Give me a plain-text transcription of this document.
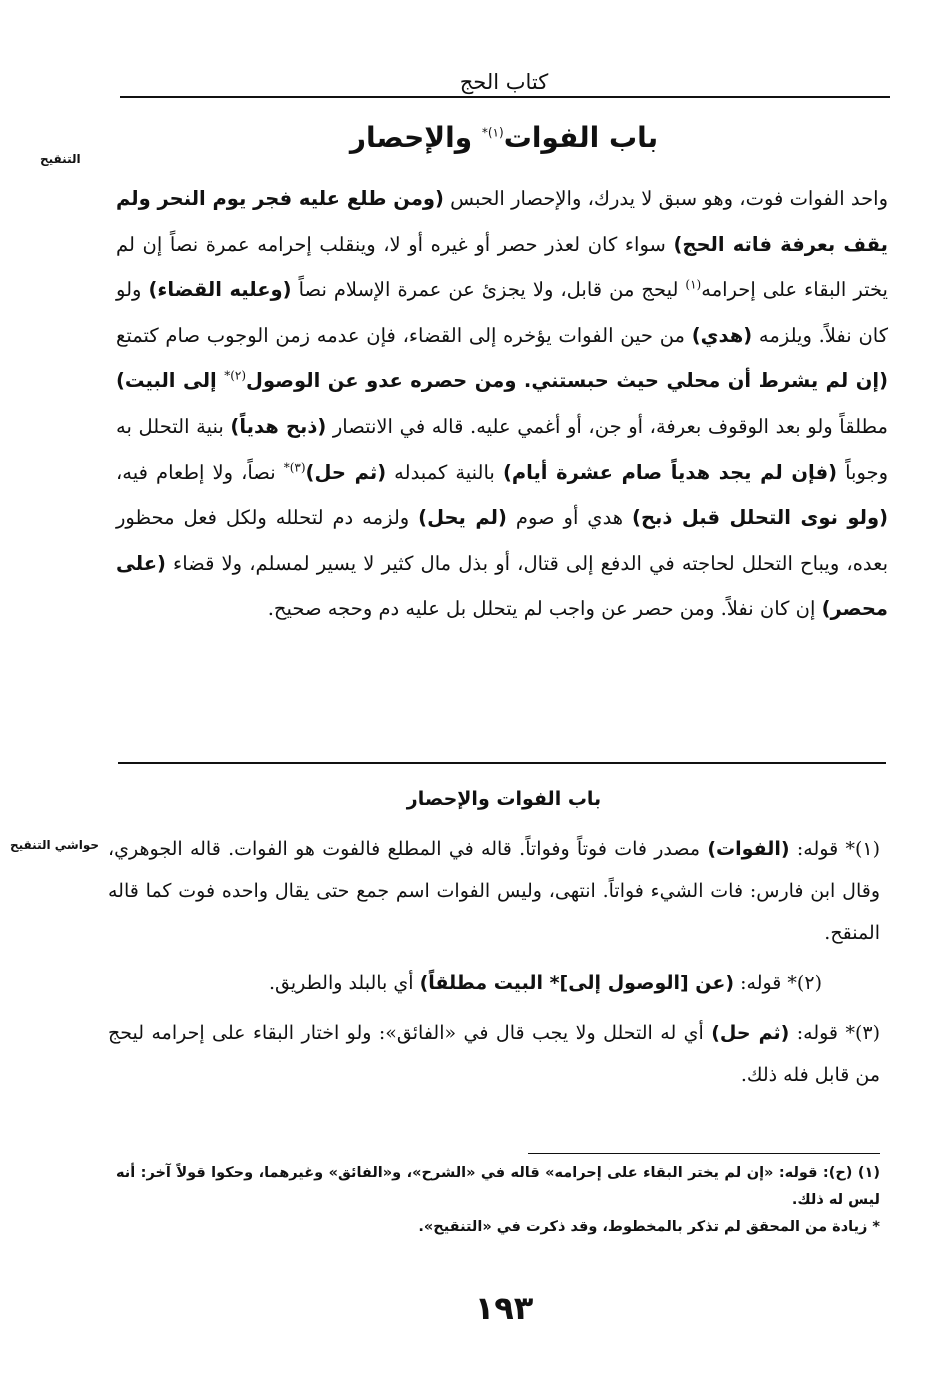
كتاب الحج
التنقيح
باب الفوات$^{(١)*}$ والإحصار

واحد الفوات فوت، وهو سبق لا يدرك، والإحصار الحبس (ومن طلع عليه فجر يوم النحر ولم يقف بعرفة فاته الحج) سواء كان لعذر حصر أو غيره أو لا، وينقلب إحرامه عمرة نصاً إن لم يختر البقاء على إحرامه$^{(١)}$ ليحج من قابل، ولا يجزئ عن عمرة الإسلام نصاً (وعليه القضاء) ولو كان نفلاً. ويلزمه (هدي) من حين الفوات يؤخره إلى القضاء، فإن عدمه زمن الوجوب صام كتمتع (إن لم يشرط أن محلي حيث حبستني. ومن حصره عدو عن الوصول$^{(٢)*}$ إلى البيت) مطلقاً ولو بعد الوقوف بعرفة، أو جن، أو أغمي عليه. قاله في الانتصار (ذبح هدياً) بنية التحلل به وجوباً (فإن لم يجد هدياً صام عشرة أيام) بالنية كمبدله (ثم حل)$^{(٣)*}$ نصاً، ولا إطعام فيه، (ولو نوى التحلل قبل ذبح) هدي أو صوم (لم يحل) ولزمه دم لتحلله ولكل فعل محظور بعده، ويباح التحلل لحاجته في الدفع إلى قتال، أو بذل مال كثير لا يسير لمسلم، ولا قضاء (على محصر) إن كان نفلاً. ومن حصر عن واجب لم يتحلل بل عليه دم وحجه صحيح.

باب الفوات والإحصار
حواشي التنقيح	(١)* قوله: (الفوات) مصدر فات فوتاً وفواتاً. قاله في المطلع فالفوت هو الفوات. قاله الجوهري، وقال ابن فارس: فات الشيء فواتاً. انتهى، وليس الفوات اسم جمع حتى يقال واحده فوت كما قاله المنقح.

(٢)* قوله: (عن [الوصول إلى]* البيت مطلقاً) أي بالبلد والطريق.

(٣)* قوله: (ثم حل) أي له التحلل ولا يجب قال في «الفائق»: ولو اختار البقاء على إحرامه ليحج من قابل فله ذلك.

(١) (ح): قوله: «إن لم يختر البقاء على إحرامه» قاله في «الشرح»، و«الفائق» وغيرهما، وحكوا قولاً آخر: أنه ليس له ذلك.

* زيادة من المحقق لم تذكر بالمخطوط، وقد ذكرت في «التنقيح».

١٩٣
